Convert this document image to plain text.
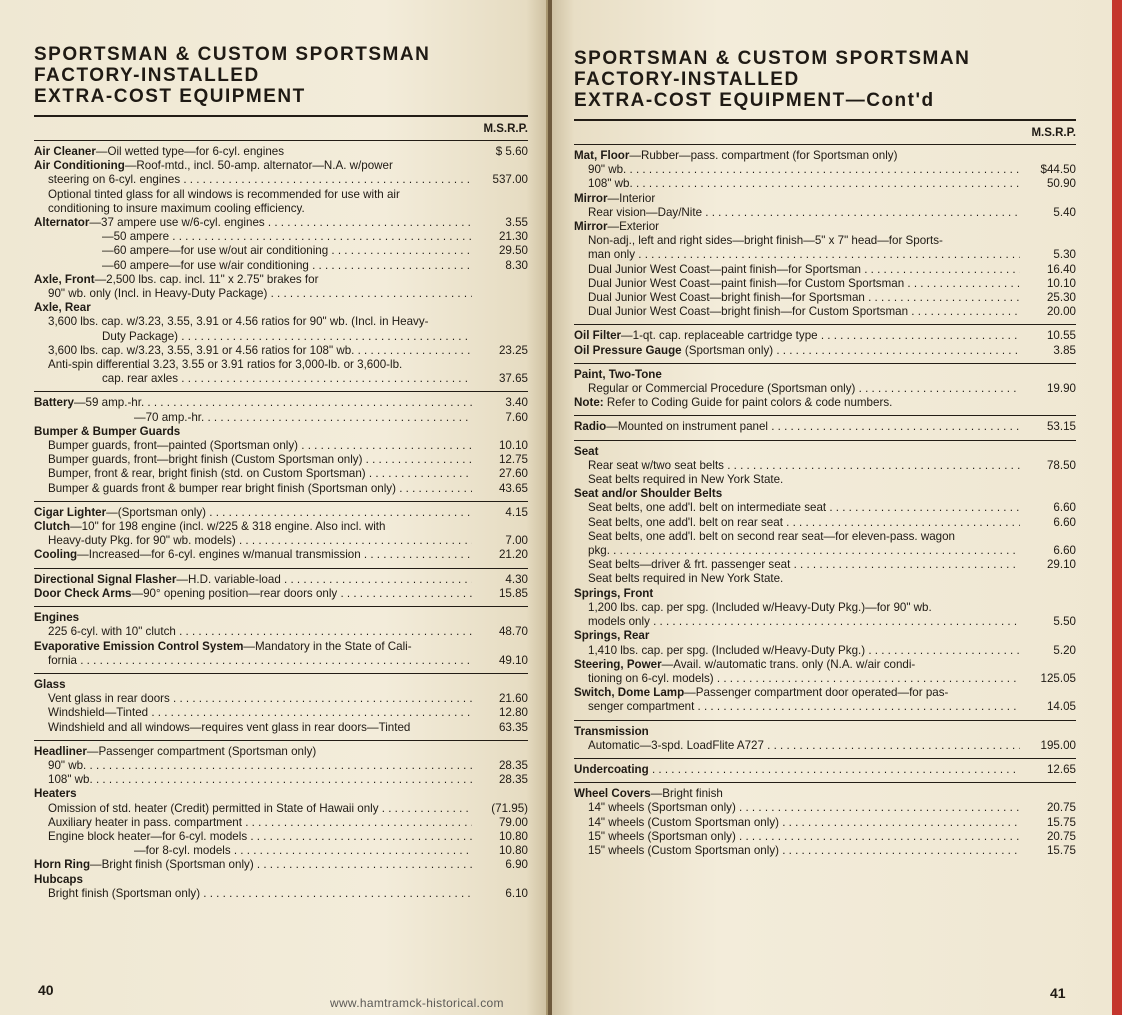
SPORTSMAN & CUSTOM SPORTSMAN
FACTORY-INSTALLED
EXTRA-COST EQUIPMENT
M.S.R.P.
Air Cleaner—Oil wetted type—for 6-cyl. engines	$ 5.60
Air Conditioning—Roof-mtd., incl. 50-amp. alternator—N.A. w/power
steering on 6-cyl. engines . . .	537.00
Optional tinted glass for all windows is recommended for use with air
conditioning to insure maximum cooling efficiency.
Alternator—37 ampere use w/6-cyl. engines . . .	3.55
—50 ampere . . .	21.30
—60 ampere—for use w/out air conditioning . . .	29.50
—60 ampere—for use w/air conditioning . . .	8.30
Axle, Front—2,500 lbs. cap. incl. 11" x 2.75" brakes for
90" wb. only (Incl. in Heavy-Duty Package) . . .
Axle, Rear
3,600 lbs. cap. w/3.23, 3.55, 3.91 or 4.56 ratios for 90" wb. (Incl. in Heavy-
Duty Package) . . .
3,600 lbs. cap. w/3.23, 3.55, 3.91 or 4.56 ratios for 108" wb. . . .	23.25
Anti-spin differential 3.23, 3.55 or 3.91 ratios for 3,000-lb. or 3,600-lb.
cap. rear axles . . .	37.65
Battery—59 amp.-hr. . . .	3.40
—70 amp.-hr. . . .	7.60
Bumper & Bumper Guards
Bumper guards, front—painted (Sportsman only) . . .	10.10
Bumper guards, front—bright finish (Custom Sportsman only) . . .	12.75
Bumper, front & rear, bright finish (std. on Custom Sportsman) . . .	27.60
Bumper & guards front & bumper rear bright finish (Sportsman only) . . .	43.65
Cigar Lighter—(Sportsman only) . . .	4.15
Clutch—10" for 198 engine (incl. w/225 & 318 engine. Also incl. with
Heavy-duty Pkg. for 90" wb. models) . . .	7.00
Cooling—Increased—for 6-cyl. engines w/manual transmission . . .	21.20
Directional Signal Flasher—H.D. variable-load . . .	4.30
Door Check Arms—90° opening position—rear doors only . . .	15.85
Engines
225 6-cyl. with 10" clutch . . .	48.70
Evaporative Emission Control System—Mandatory in the State of Cali-
fornia . . .	49.10
Glass
Vent glass in rear doors . . .	21.60
Windshield—Tinted . . .	12.80
Windshield and all windows—requires vent glass in rear doors—Tinted	63.35
Headliner—Passenger compartment (Sportsman only)
90" wb. . . .	28.35
108" wb. . . .	28.35
Heaters
Omission of std. heater (Credit) permitted in State of Hawaii only . . .	(71.95)
Auxiliary heater in pass. compartment . . .	79.00
Engine block heater—for 6-cyl. models . . .	10.80
—for 8-cyl. models . . .	10.80
Horn Ring—Bright finish (Sportsman only) . . .	6.90
Hubcaps
Bright finish (Sportsman only) . . .	6.10
40
SPORTSMAN & CUSTOM SPORTSMAN
FACTORY-INSTALLED
EXTRA-COST EQUIPMENT—Cont'd
M.S.R.P.
Mat, Floor—Rubber—pass. compartment (for Sportsman only)
90" wb. . . .	$44.50
108" wb. . . .	50.90
Mirror—Interior
Rear vision—Day/Nite . . .	5.40
Mirror—Exterior
Non-adj., left and right sides—bright finish—5" x 7" head—for Sports-
man only . . .	5.30
Dual Junior West Coast—paint finish—for Sportsman . . .	16.40
Dual Junior West Coast—paint finish—for Custom Sportsman . . .	10.10
Dual Junior West Coast—bright finish—for Sportsman . . .	25.30
Dual Junior West Coast—bright finish—for Custom Sportsman . . .	20.00
Oil Filter—1-qt. cap. replaceable cartridge type . . .	10.55
Oil Pressure Gauge (Sportsman only) . . .	3.85
Paint, Two-Tone
Regular or Commercial Procedure (Sportsman only) . . .	19.90
Note: Refer to Coding Guide for paint colors & code numbers.
Radio—Mounted on instrument panel . . .	53.15
Seat
Rear seat w/two seat belts . . .	78.50
Seat belts required in New York State.
Seat and/or Shoulder Belts
Seat belts, one add'l. belt on intermediate seat . . .	6.60
Seat belts, one add'l. belt on rear seat . . .	6.60
Seat belts, one add'l. belt on second rear seat—for eleven-pass. wagon
pkg. . . .	6.60
Seat belts—driver & frt. passenger seat . . .	29.10
Seat belts required in New York State.
Springs, Front
1,200 lbs. cap. per spg. (Included w/Heavy-Duty Pkg.)—for 90" wb.
models only . . .	5.50
Springs, Rear
1,410 lbs. cap. per spg. (Included w/Heavy-Duty Pkg.) . . .	5.20
Steering, Power—Avail. w/automatic trans. only (N.A. w/air condi-
tioning on 6-cyl. models) . . .	125.05
Switch, Dome Lamp—Passenger compartment door operated—for pas-
senger compartment . . .	14.05
Transmission
Automatic—3-spd. LoadFlite A727 . . .	195.00
Undercoating . . .	12.65
Wheel Covers—Bright finish
14" wheels (Sportsman only) . . .	20.75
14" wheels (Custom Sportsman only) . . .	15.75
15" wheels (Sportsman only) . . .	20.75
15" wheels (Custom Sportsman only) . . .	15.75
41
www.hamtramck-historical.com
